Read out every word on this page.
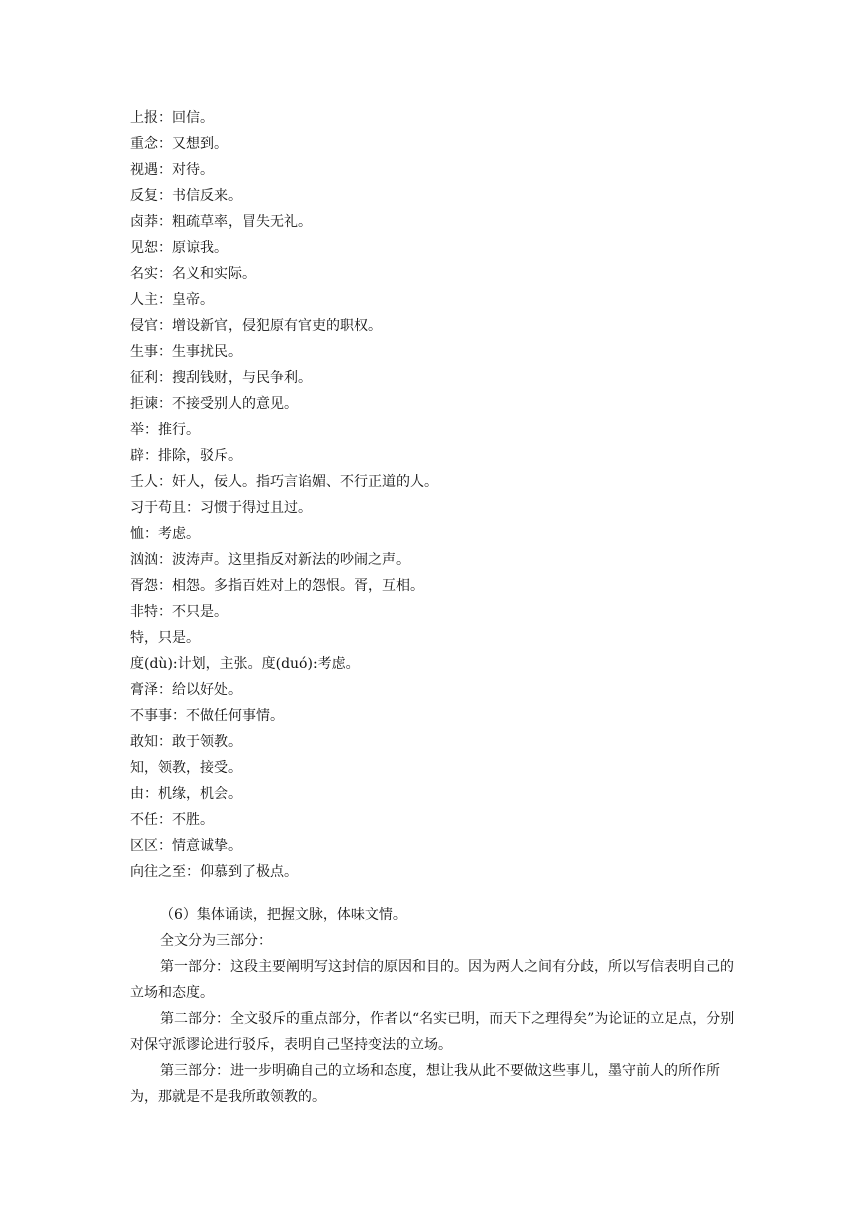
上报：回信。
重念：又想到。
视遇：对待。
反复：书信反来。
卤莽：粗疏草率，冒失无礼。
见恕：原谅我。
名实：名义和实际。
人主：皇帝。
侵官：增设新官，侵犯原有官吏的职权。
生事：生事扰民。
征利：搜刮钱财，与民争利。
拒谏：不接受别人的意见。
举：推行。
辟：排除，驳斥。
壬人：奸人，佞人。指巧言谄媚、不行正道的人。
习于苟且：习惯于得过且过。
恤：考虑。
汹汹：波涛声。这里指反对新法的吵闹之声。
胥怨：相怨。多指百姓对上的怨恨。胥，互相。
非特：不只是。
特，只是。
度(dù):计划，主张。度(duó):考虑。
膏泽：给以好处。
不事事：不做任何事情。
敢知：敢于领教。
知，领教，接受。
由：机缘，机会。
不任：不胜。
区区：情意诚挚。
向往之至：仰慕到了极点。
（6）集体诵读，把握文脉，体味文情。

全文分为三部分：

第一部分：这段主要阐明写这封信的原因和目的。因为两人之间有分歧，所以写信表明自己的立场和态度。

第二部分：全文驳斥的重点部分，作者以“名实已明，而天下之理得矣”为论证的立足点，分别对保守派谬论进行驳斥，表明自己坚持变法的立场。

第三部分：进一步明确自己的立场和态度，想让我从此不要做这些事儿，墨守前人的所作所为，那就是不是我所敢领教的。
